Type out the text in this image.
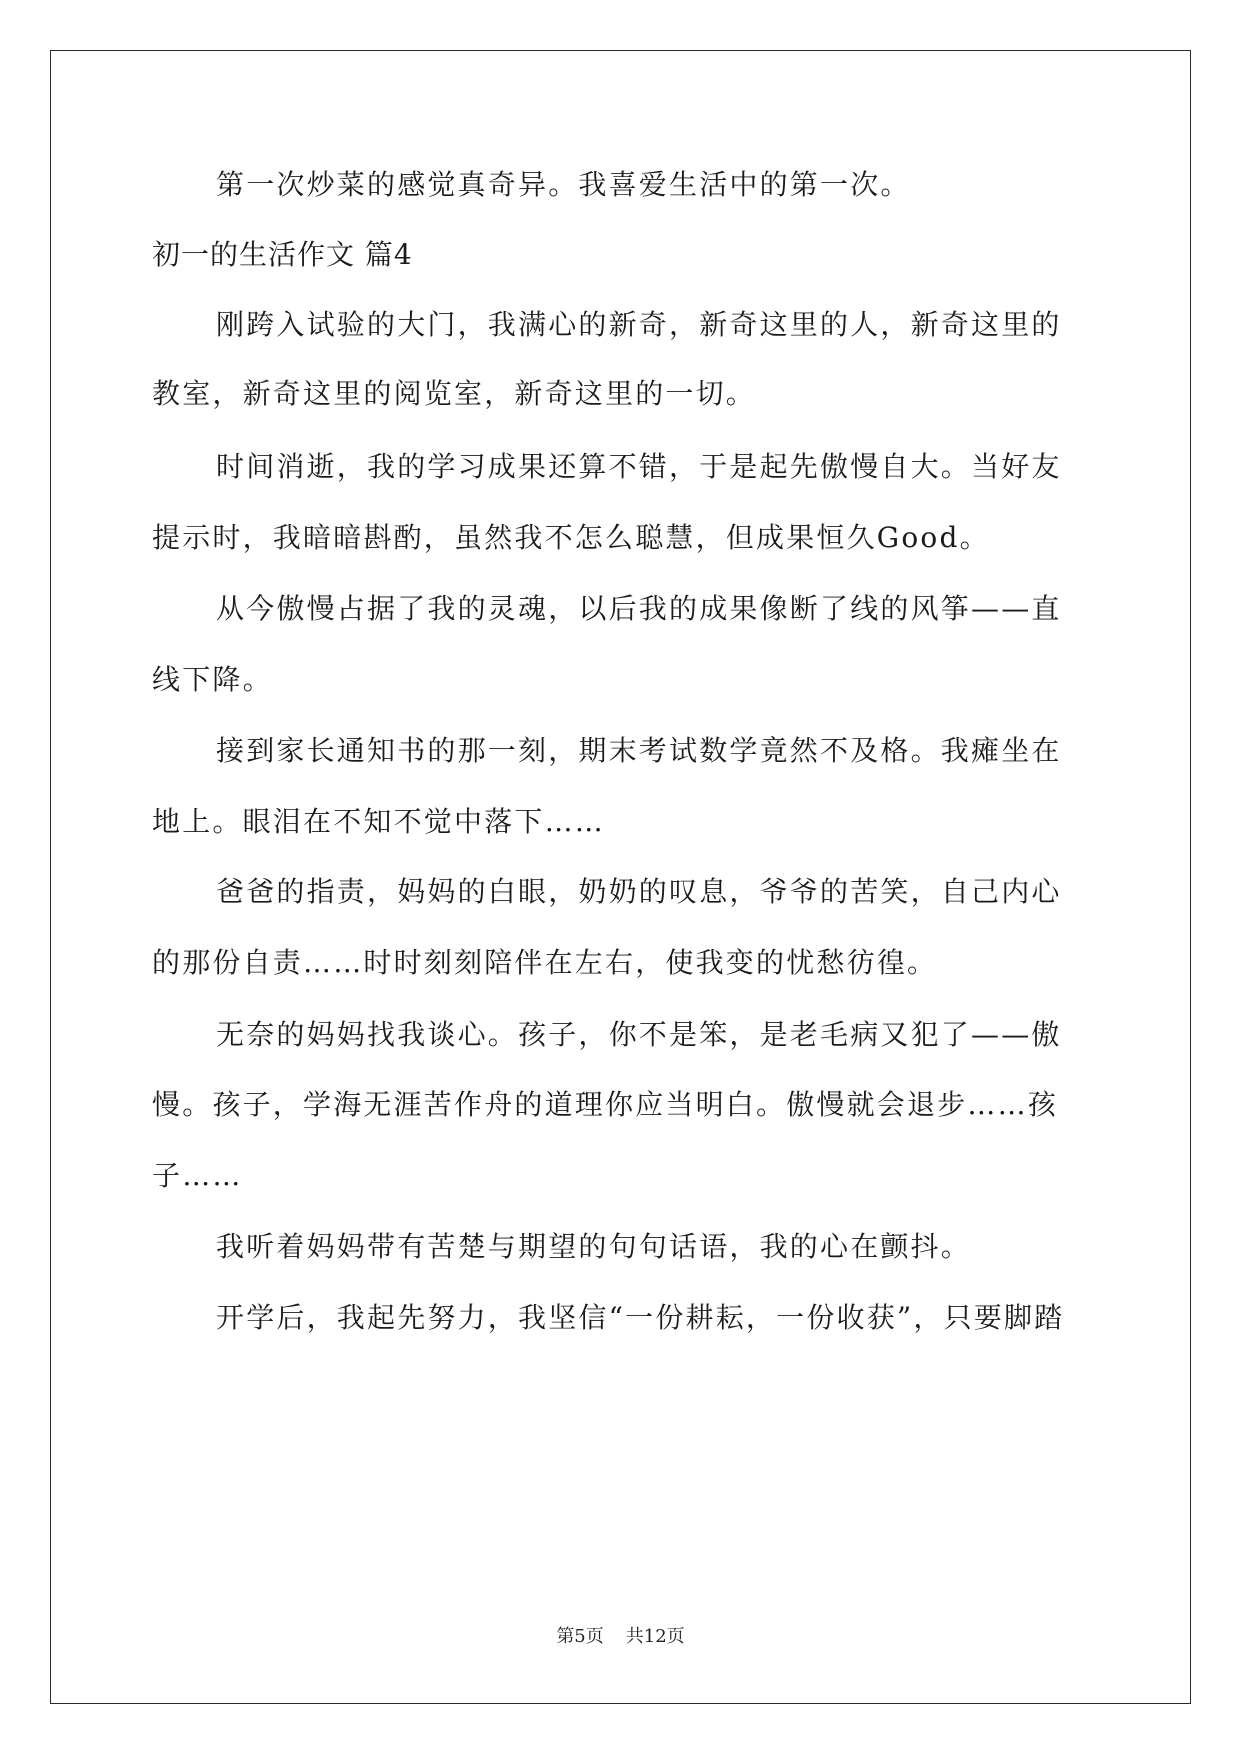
第一次炒菜的感觉真奇异。我喜爱生活中的第一次。
初一的生活作文 篇4
刚跨入试验的大门，我满心的新奇，新奇这里的人，新奇这里的
教室，新奇这里的阅览室，新奇这里的一切。
时间消逝，我的学习成果还算不错，于是起先傲慢自大。当好友
提示时，我暗暗斟酌，虽然我不怎么聪慧，但成果恒久Good。
从今傲慢占据了我的灵魂，以后我的成果像断了线的风筝——直
线下降。
接到家长通知书的那一刻，期末考试数学竟然不及格。我瘫坐在
地上。眼泪在不知不觉中落下……
爸爸的指责，妈妈的白眼，奶奶的叹息，爷爷的苦笑，自己内心
的那份自责……时时刻刻陪伴在左右，使我变的忧愁彷徨。
无奈的妈妈找我谈心。孩子，你不是笨，是老毛病又犯了——傲
慢。孩子，学海无涯苦作舟的道理你应当明白。傲慢就会退步……孩
子……
我听着妈妈带有苦楚与期望的句句话语，我的心在颤抖。
开学后，我起先努力，我坚信“一份耕耘，一份收获”，只要脚踏
第5页 共12页
